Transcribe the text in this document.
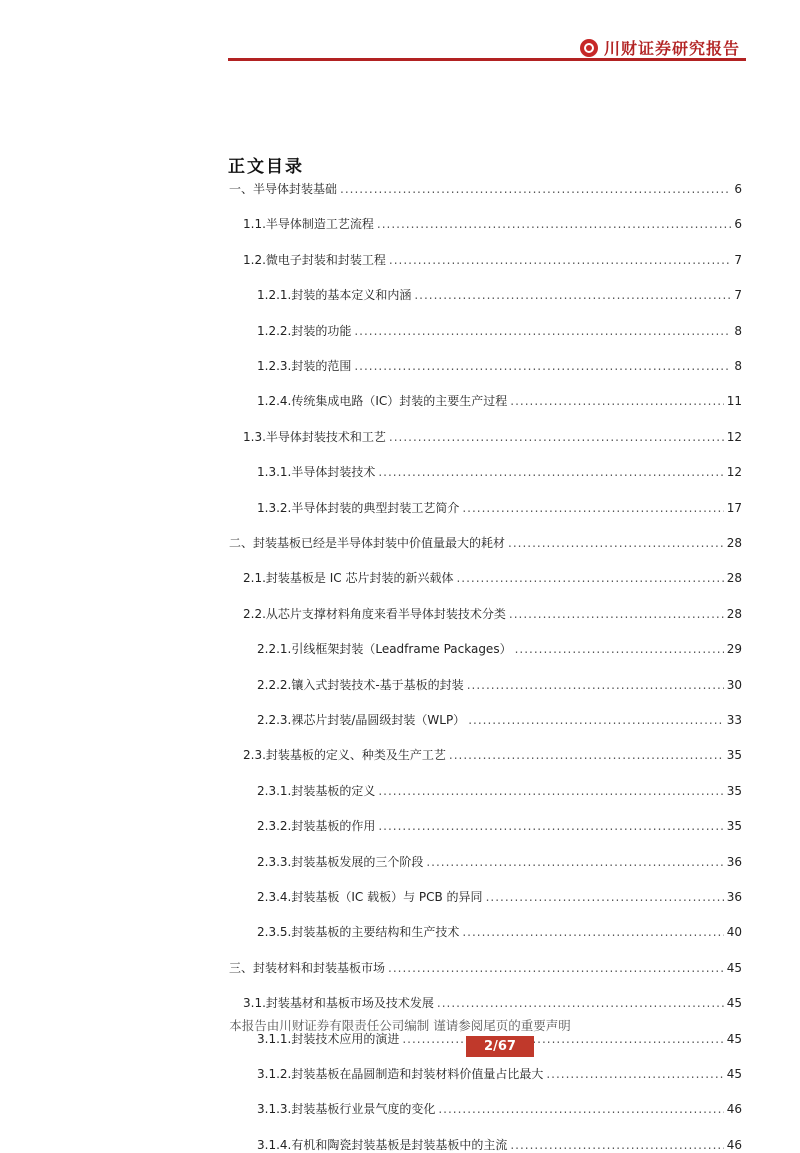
川财证券研究报告
正文目录
一、半导体封装基础 .....	6
1.1.半导体制造工艺流程 .....	6
1.2.微电子封装和封装工程 .....	7
1.2.1.封装的基本定义和内涵 .....	7
1.2.2.封装的功能 .....	8
1.2.3.封装的范围 .....	8
1.2.4.传统集成电路（IC）封装的主要生产过程 .....	11
1.3.半导体封装技术和工艺 .....	12
1.3.1.半导体封装技术 .....	12
1.3.2.半导体封装的典型封装工艺简介 .....	17
二、封装基板已经是半导体封装中价值量最大的耗材 .....	28
2.1.封装基板是 IC 芯片封装的新兴载体 .....	28
2.2.从芯片支撑材料角度来看半导体封装技术分类 .....	28
2.2.1.引线框架封装（Leadframe Packages） .....	29
2.2.2.镶入式封装技术-基于基板的封装 .....	30
2.2.3.裸芯片封装/晶圆级封装（WLP） .....	33
2.3.封装基板的定义、种类及生产工艺 .....	35
2.3.1.封装基板的定义 .....	35
2.3.2.封装基板的作用 .....	35
2.3.3.封装基板发展的三个阶段 .....	36
2.3.4.封装基板（IC 载板）与 PCB 的异同 .....	36
2.3.5.封装基板的主要结构和生产技术 .....	40
三、封装材料和封装基板市场 .....	45
3.1.封装基材和基板市场及技术发展 .....	45
3.1.1.封装技术应用的演进 .....	45
3.1.2.封装基板在晶圆制造和封装材料价值量占比最大 .....	45
3.1.3.封装基板行业景气度的变化 .....	46
3.1.4.有机和陶瓷封装基板是封装基板中的主流 .....	46
本报告由川财证券有限责任公司编制 谨请参阅尾页的重要声明
2/67
